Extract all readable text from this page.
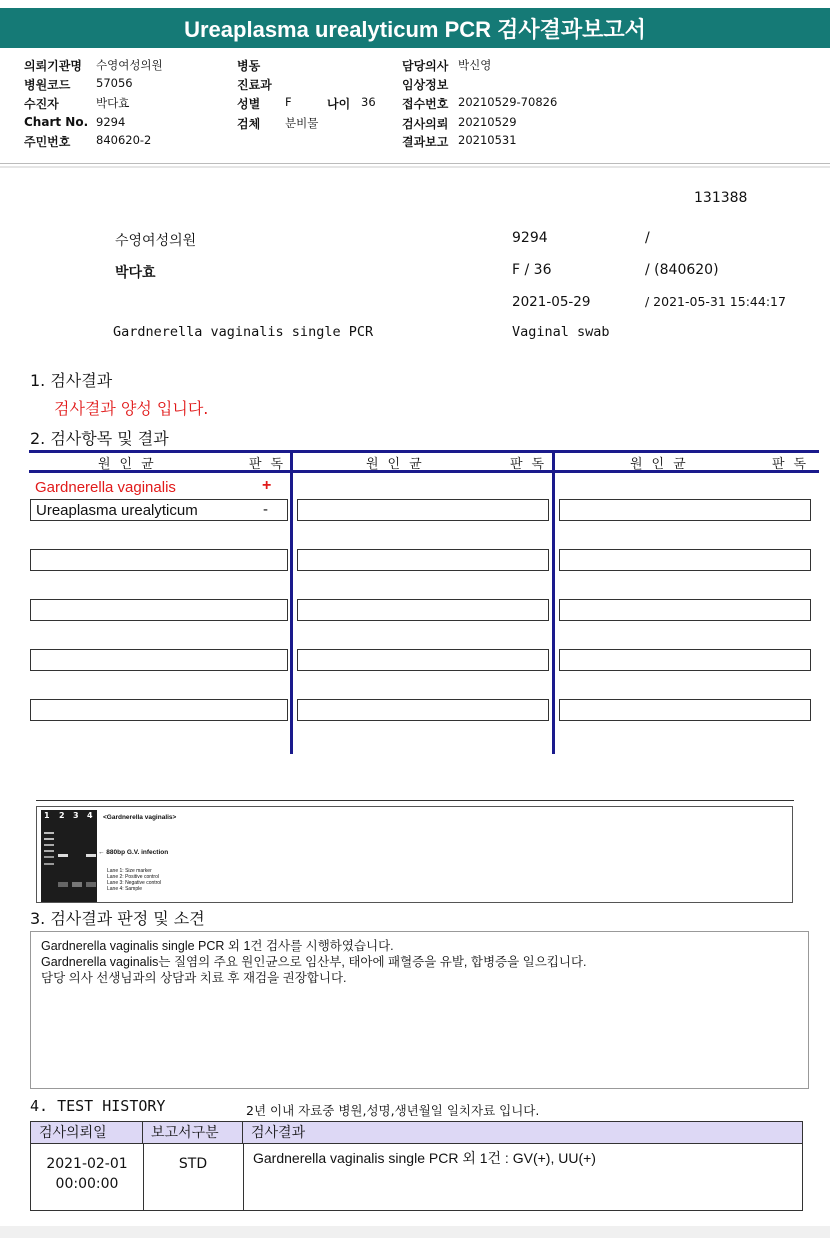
Ureaplasma urealyticum PCR 검사결과보고서
의뢰기관명 수영여성의원
병원코드 57056
수진자	박다효
Chart No. 9294
주민번호 840620-2
병동
진료과
성별 F	나이 36
검체 분비물
담당의사 박신영
임상정보
접수번호 20210529-70826
검사의뢰 20210529
결과보고 20210531
131388
수영여성의원	9294	/
박다효	F / 36	/ (840620)
2021-05-29	/ 2021-05-31 15:44:17
Gardnerella vaginalis single PCR	Vaginal swab
1. 검사결과
검사결과 양성 입니다.
2. 검사항목 및 결과
원인균	판독	원인균	판독	원인균	판독
Gardnerella vaginalis	+
Ureaplasma urealyticum	-
1 2 3 4 <Gardnerella vaginalis>
← 880bp G.V. infection
Lane 1: Size marker
Lane 2: Positive control
Lane 3: Negative control
Lane 4: Sample
3. 검사결과 판정 및 소견
Gardnerella vaginalis single PCR 외 1건 검사를 시행하였습니다.
Gardnerella vaginalis는 질염의 주요 원인균으로 임산부, 태아에 패혈증을 유발, 합병증을 일으킵니다.
담당 의사 선생님과의 상담과 치료 후 재검을 권장합니다.
4. TEST HISTORY	2년 이내 자료중 병원,성명,생년월일 일치자료 입니다.
검사의뢰일	보고서구분	검사결과
2021-02-01
00:00:00
STD	Gardnerella vaginalis single PCR 외 1건 : GV(+), UU(+)
